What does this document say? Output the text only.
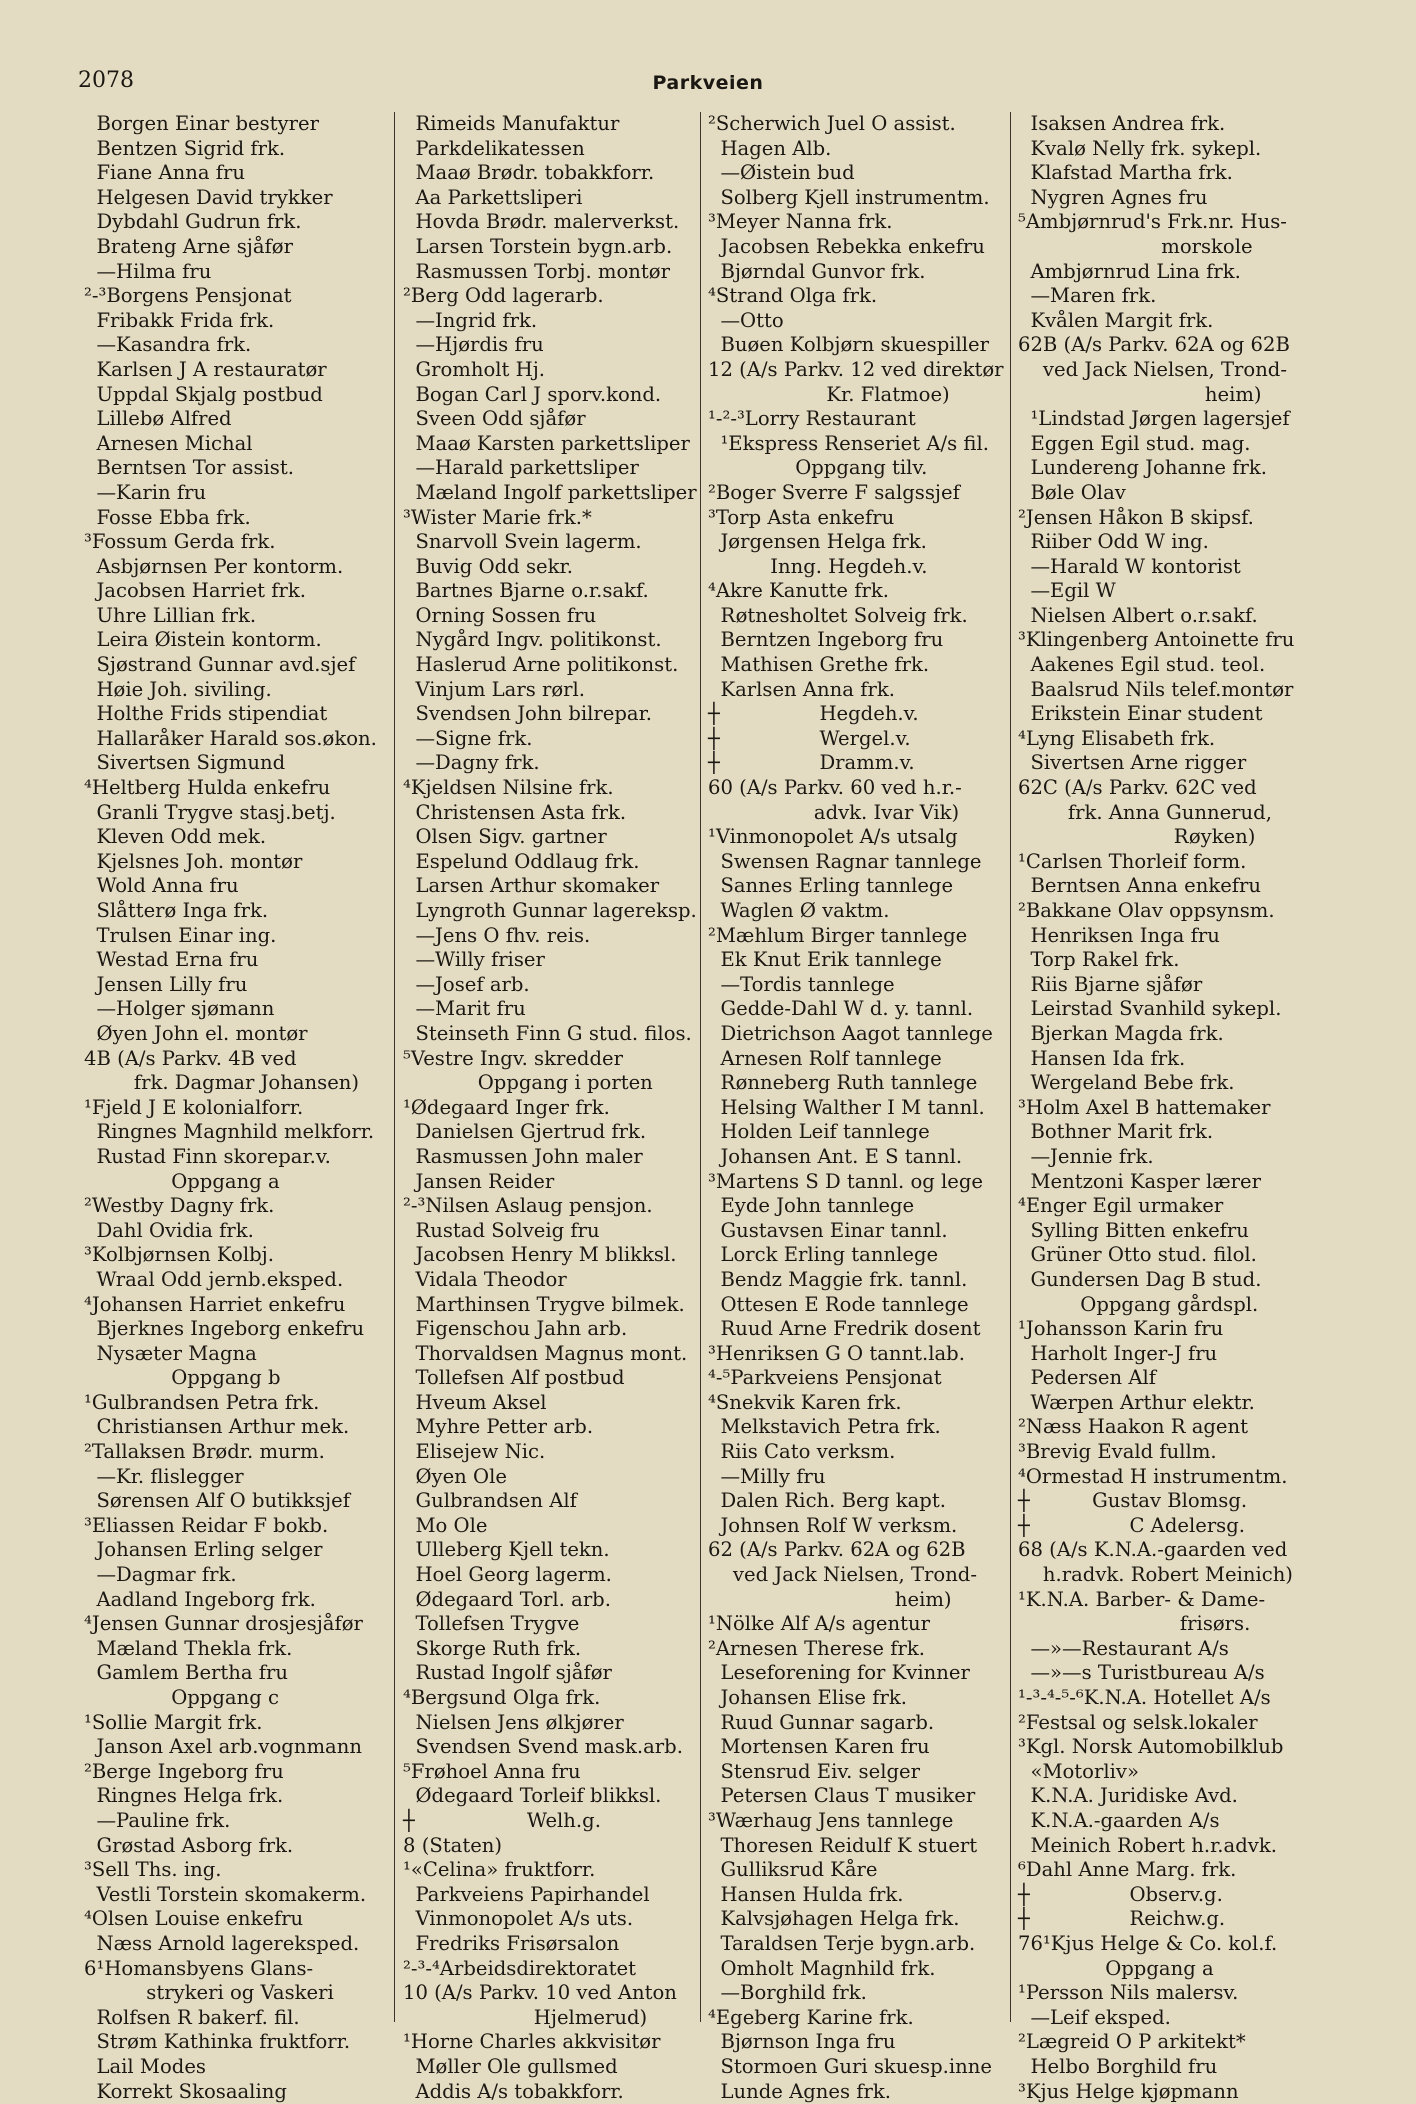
2078	Parkveien
Borgen Einar bestyrer
Bentzen Sigrid frk.
Fiane Anna fru
Helgesen David trykker
Dybdahl Gudrun frk.
Brateng Arne sjåfør
—Hilma fru
²-³Borgens Pensjonat
Fribakk Frida frk.
—Kasandra frk.
Karlsen J A restauratør
Uppdal Skjalg postbud
Lillebø Alfred
Arnesen Michal
Berntsen Tor assist.
—Karin fru
Fosse Ebba frk.
³Fossum Gerda frk.
Asbjørnsen Per kontorm.
Jacobsen Harriet frk.
Uhre Lillian frk.
Leira Øistein kontorm.
Sjøstrand Gunnar avd.sjef
Høie Joh. siviling.
Holthe Frids stipendiat
Hallaråker Harald sos.økon.
Sivertsen Sigmund
⁴Heltberg Hulda enkefru
Granli Trygve stasj.betj.
Kleven Odd mek.
Kjelsnes Joh. montør
Wold Anna fru
Slåtterø Inga frk.
Trulsen Einar ing.
Westad Erna fru
Jensen Lilly fru
—Holger sjømann
Øyen John el. montør
4B (A/s Parkv. 4B ved
frk. Dagmar Johansen)
¹Fjeld J E kolonialforr.
Ringnes Magnhild melkforr.
Rustad Finn skorepar.v.
Oppgang a
²Westby Dagny frk.
Dahl Ovidia frk.
³Kolbjørnsen Kolbj.
Wraal Odd jernb.eksped.
⁴Johansen Harriet enkefru
Bjerknes Ingeborg enkefru
Nysæter Magna
Oppgang b
¹Gulbrandsen Petra frk.
Christiansen Arthur mek.
²Tallaksen Brødr. murm.
—Kr. flislegger
Sørensen Alf O butikksjef
³Eliassen Reidar F bokb.
Johansen Erling selger
—Dagmar frk.
Aadland Ingeborg frk.
⁴Jensen Gunnar drosjesjåfør
Mæland Thekla frk.
Gamlem Bertha fru
Oppgang c
¹Sollie Margit frk.
Janson Axel arb.vognmann
²Berge Ingeborg fru
Ringnes Helga frk.
—Pauline frk.
Grøstad Asborg frk.
³Sell Ths. ing.
Vestli Torstein skomakerm.
⁴Olsen Louise enkefru
Næss Arnold lagereksped.
6¹Homansbyens Glans-
strykeri og Vaskeri
Rolfsen R bakerf. fil.
Strøm Kathinka fruktforr.
Lail Modes
Korrekt Skosaaling
Rimeids Manufaktur
Parkdelikatessen
Maaø Brødr. tobakkforr.
Aa Parkettsliperi
Hovda Brødr. malerverkst.
Larsen Torstein bygn.arb.
Rasmussen Torbj. montør
²Berg Odd lagerarb.
—Ingrid frk.
—Hjørdis fru
Gromholt Hj.
Bogan Carl J sporv.kond.
Sveen Odd sjåfør
Maaø Karsten parkettsliper
—Harald parkettsliper
Mæland Ingolf parkettsliper
³Wister Marie frk.*
Snarvoll Svein lagerm.
Buvig Odd sekr.
Bartnes Bjarne o.r.sakf.
Orning Sossen fru
Nygård Ingv. politikonst.
Haslerud Arne politikonst.
Vinjum Lars rørl.
Svendsen John bilrepar.
—Signe frk.
—Dagny frk.
⁴Kjeldsen Nilsine frk.
Christensen Asta frk.
Olsen Sigv. gartner
Espelund Oddlaug frk.
Larsen Arthur skomaker
Lyngroth Gunnar lagereksp.
—Jens O fhv. reis.
—Willy friser
—Josef arb.
—Marit fru
Steinseth Finn G stud. filos.
⁵Vestre Ingv. skredder
Oppgang i porten
¹Ødegaard Inger frk.
Danielsen Gjertrud frk.
Rasmussen John maler
Jansen Reider
²-³Nilsen Aslaug pensjon.
Rustad Solveig fru
Jacobsen Henry M blikksl.
Vidala Theodor
Marthinsen Trygve bilmek.
Figenschou Jahn arb.
Thorvaldsen Magnus mont.
Tollefsen Alf postbud
Hveum Aksel
Myhre Petter arb.
Elisejew Nic.
Øyen Ole
Gulbrandsen Alf
Mo Ole
Ulleberg Kjell tekn.
Hoel Georg lagerm.
Ødegaard Torl. arb.
Tollefsen Trygve
Skorge Ruth frk.
Rustad Ingolf sjåfør
⁴Bergsund Olga frk.
Nielsen Jens ølkjører
Svendsen Svend mask.arb.
⁵Frøhoel Anna fru
Ødegaard Torleif blikksl.
┼                  Welh.g.
8 (Staten)
¹«Celina» fruktforr.
Parkveiens Papirhandel
Vinmonopolet A/s uts.
Fredriks Frisørsalon
²-³-⁴Arbeidsdirektoratet
10 (A/s Parkv. 10 ved Anton
Hjelmerud)
¹Horne Charles akkvisitør
Møller Ole gullsmed
Addis A/s tobakkforr.
²Scherwich Juel O assist.
Hagen Alb.
—Øistein bud
Solberg Kjell instrumentm.
³Meyer Nanna frk.
Jacobsen Rebekka enkefru
Bjørndal Gunvor frk.
⁴Strand Olga frk.
—Otto
Buøen Kolbjørn skuespiller
12 (A/s Parkv. 12 ved direktør
Kr. Flatmoe)
¹-²-³Lorry Restaurant
¹Ekspress Renseriet A/s fil.
Oppgang tilv.
²Boger Sverre F salgssjef
³Torp Asta enkefru
Jørgensen Helga frk.
Inng. Hegdeh.v.
⁴Akre Kanutte frk.
Røtnesholtet Solveig frk.
Berntzen Ingeborg fru
Mathisen Grethe frk.
Karlsen Anna frk.
┼                Hegdeh.v.
┼                Wergel.v.
┼                Dramm.v.
60 (A/s Parkv. 60 ved h.r.-
advk. Ivar Vik)
¹Vinmonopolet A/s utsalg
Swensen Ragnar tannlege
Sannes Erling tannlege
Waglen Ø vaktm.
²Mæhlum Birger tannlege
Ek Knut Erik tannlege
—Tordis tannlege
Gedde-Dahl W d. y. tannl.
Dietrichson Aagot tannlege
Arnesen Rolf tannlege
Rønneberg Ruth tannlege
Helsing Walther I M tannl.
Holden Leif tannlege
Johansen Ant. E S tannl.
³Martens S D tannl. og lege
Eyde John tannlege
Gustavsen Einar tannl.
Lorck Erling tannlege
Bendz Maggie frk. tannl.
Ottesen E Rode tannlege
Ruud Arne Fredrik dosent
³Henriksen G O tannt.lab.
⁴-⁵Parkveiens Pensjonat
⁴Snekvik Karen frk.
Melkstavich Petra frk.
Riis Cato verksm.
—Milly fru
Dalen Rich. Berg kapt.
Johnsen Rolf W verksm.
62 (A/s Parkv. 62A og 62B
ved Jack Nielsen, Trond-
heim)
¹Nölke Alf A/s agentur
²Arnesen Therese frk.
Leseforening for Kvinner
Johansen Elise frk.
Ruud Gunnar sagarb.
Mortensen Karen fru
Stensrud Eiv. selger
Petersen Claus T musiker
³Wærhaug Jens tannlege
Thoresen Reidulf K stuert
Gulliksrud Kåre
Hansen Hulda frk.
Kalvsjøhagen Helga frk.
Taraldsen Terje bygn.arb.
Omholt Magnhild frk.
—Borghild frk.
⁴Egeberg Karine frk.
Bjørnson Inga fru
Stormoen Guri skuesp.inne
Lunde Agnes frk.
Isaksen Andrea frk.
Kvalø Nelly frk. sykepl.
Klafstad Martha frk.
Nygren Agnes fru
⁵Ambjørnrud's Frk.nr. Hus-
morskole
Ambjørnrud Lina frk.
—Maren frk.
Kvålen Margit frk.
62B (A/s Parkv. 62A og 62B
ved Jack Nielsen, Trond-
heim)
¹Lindstad Jørgen lagersjef
Eggen Egil stud. mag.
Lundereng Johanne frk.
Bøle Olav
²Jensen Håkon B skipsf.
Riiber Odd W ing.
—Harald W kontorist
—Egil W
Nielsen Albert o.r.sakf.
³Klingenberg Antoinette fru
Aakenes Egil stud. teol.
Baalsrud Nils telef.montør
Erikstein Einar student
⁴Lyng Elisabeth frk.
Sivertsen Arne rigger
62C (A/s Parkv. 62C ved
frk. Anna Gunnerud,
Røyken)
¹Carlsen Thorleif form.
Berntsen Anna enkefru
²Bakkane Olav oppsynsm.
Henriksen Inga fru
Torp Rakel frk.
Riis Bjarne sjåfør
Leirstad Svanhild sykepl.
Bjerkan Magda frk.
Hansen Ida frk.
Wergeland Bebe frk.
³Holm Axel B hattemaker
Bothner Marit frk.
—Jennie frk.
Mentzoni Kasper lærer
⁴Enger Egil urmaker
Sylling Bitten enkefru
Grüner Otto stud. filol.
Gundersen Dag B stud.
Oppgang gårdspl.
¹Johansson Karin fru
Harholt Inger-J fru
Pedersen Alf
Wærpen Arthur elektr.
²Næss Haakon R agent
³Brevig Evald fullm.
⁴Ormestad H instrumentm.
┼          Gustav Blomsg.
┼                C Adelersg.
68 (A/s K.N.A.-gaarden ved
h.radvk. Robert Meinich)
¹K.N.A. Barber- & Dame-
frisørs.
—»—Restaurant A/s
—»—s Turistbureau A/s
¹-³-⁴-⁵-⁶K.N.A. Hotellet A/s
²Festsal og selsk.lokaler
³Kgl. Norsk Automobilklub
«Motorliv»
K.N.A. Juridiske Avd.
K.N.A.-gaarden A/s
Meinich Robert h.r.advk.
⁶Dahl Anne Marg. frk.
┼                Observ.g.
┼                Reichw.g.
76¹Kjus Helge & Co. kol.f.
Oppgang a
¹Persson Nils malersv.
—Leif eksped.
²Lægreid O P arkitekt*
Helbo Borghild fru
³Kjus Helge kjøpmann
